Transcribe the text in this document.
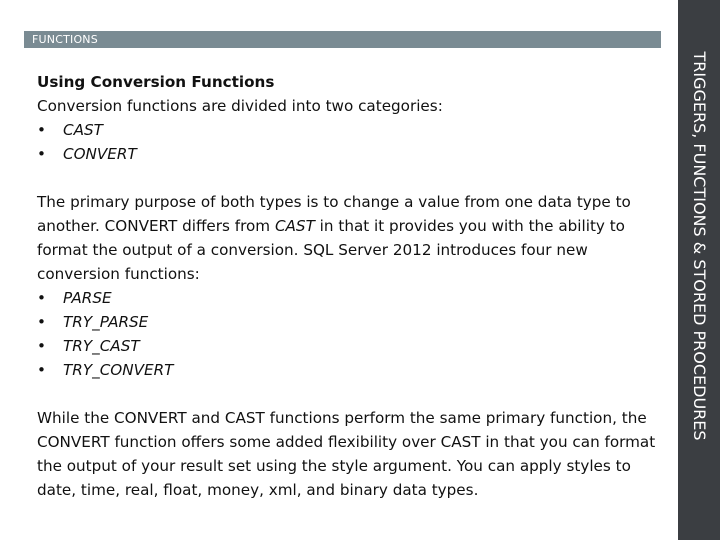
FUNCTIONS
TRIGGERS, FUNCTIONS & STORED PROCEDURES

Using Conversion Functions

Conversion functions are divided into two categories:

• CAST
• CONVERT

The primary purpose of both types is to change a value from one data type to another. CONVERT differs from CAST in that it provides you with the ability to format the output of a conversion. SQL Server 2012 introduces four new conversion functions:

• PARSE
• TRY_PARSE
• TRY_CAST
• TRY_CONVERT

While the CONVERT and CAST functions perform the same primary function, the CONVERT function offers some added flexibility over CAST in that you can format the output of your result set using the style argument. You can apply styles to date, time, real, float, money, xml, and binary data types.
